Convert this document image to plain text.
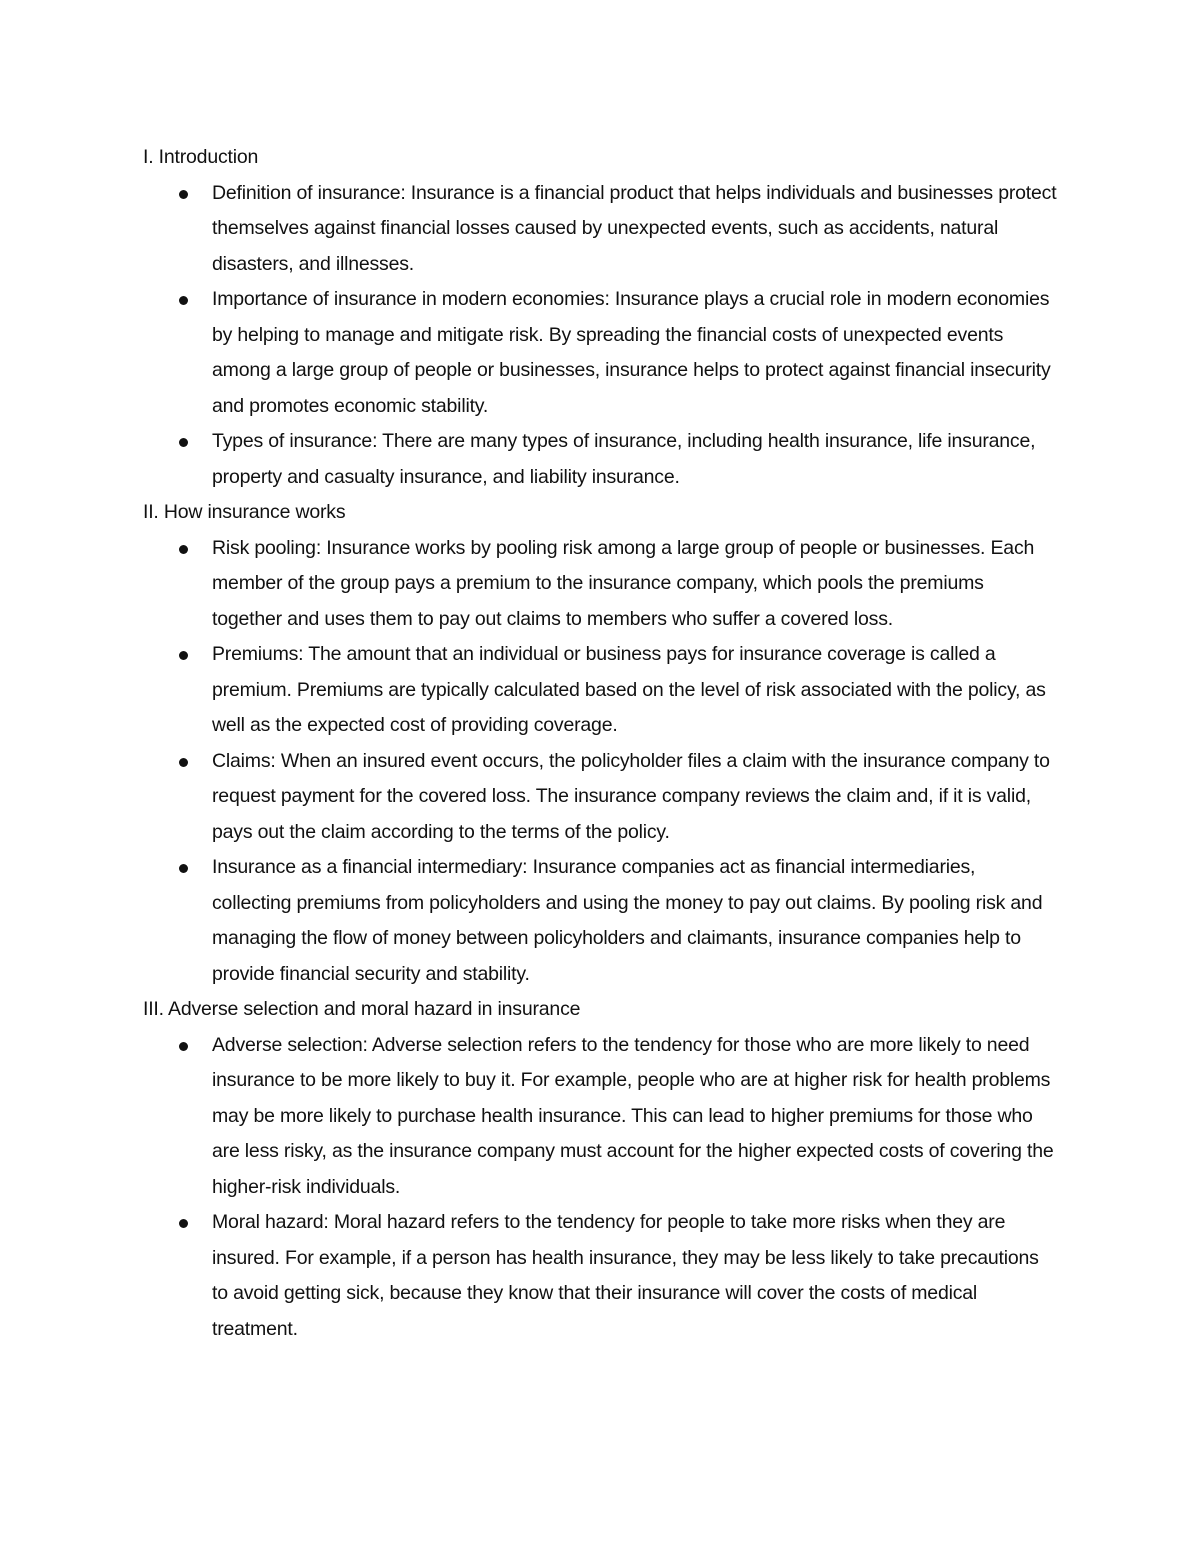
I. Introduction

Definition of insurance: Insurance is a financial product that helps individuals and businesses protect themselves against financial losses caused by unexpected events, such as accidents, natural disasters, and illnesses.
Importance of insurance in modern economies: Insurance plays a crucial role in modern economies by helping to manage and mitigate risk. By spreading the financial costs of unexpected events among a large group of people or businesses, insurance helps to protect against financial insecurity and promotes economic stability.
Types of insurance: There are many types of insurance, including health insurance, life insurance, property and casualty insurance, and liability insurance.

II. How insurance works

Risk pooling: Insurance works by pooling risk among a large group of people or businesses. Each member of the group pays a premium to the insurance company, which pools the premiums together and uses them to pay out claims to members who suffer a covered loss.
Premiums: The amount that an individual or business pays for insurance coverage is called a premium. Premiums are typically calculated based on the level of risk associated with the policy, as well as the expected cost of providing coverage.
Claims: When an insured event occurs, the policyholder files a claim with the insurance company to request payment for the covered loss. The insurance company reviews the claim and, if it is valid, pays out the claim according to the terms of the policy.
Insurance as a financial intermediary: Insurance companies act as financial intermediaries, collecting premiums from policyholders and using the money to pay out claims. By pooling risk and managing the flow of money between policyholders and claimants, insurance companies help to provide financial security and stability.

III. Adverse selection and moral hazard in insurance

Adverse selection: Adverse selection refers to the tendency for those who are more likely to need insurance to be more likely to buy it. For example, people who are at higher risk for health problems may be more likely to purchase health insurance. This can lead to higher premiums for those who are less risky, as the insurance company must account for the higher expected costs of covering the higher-risk individuals.
Moral hazard: Moral hazard refers to the tendency for people to take more risks when they are insured. For example, if a person has health insurance, they may be less likely to take precautions to avoid getting sick, because they know that their insurance will cover the costs of medical treatment.
